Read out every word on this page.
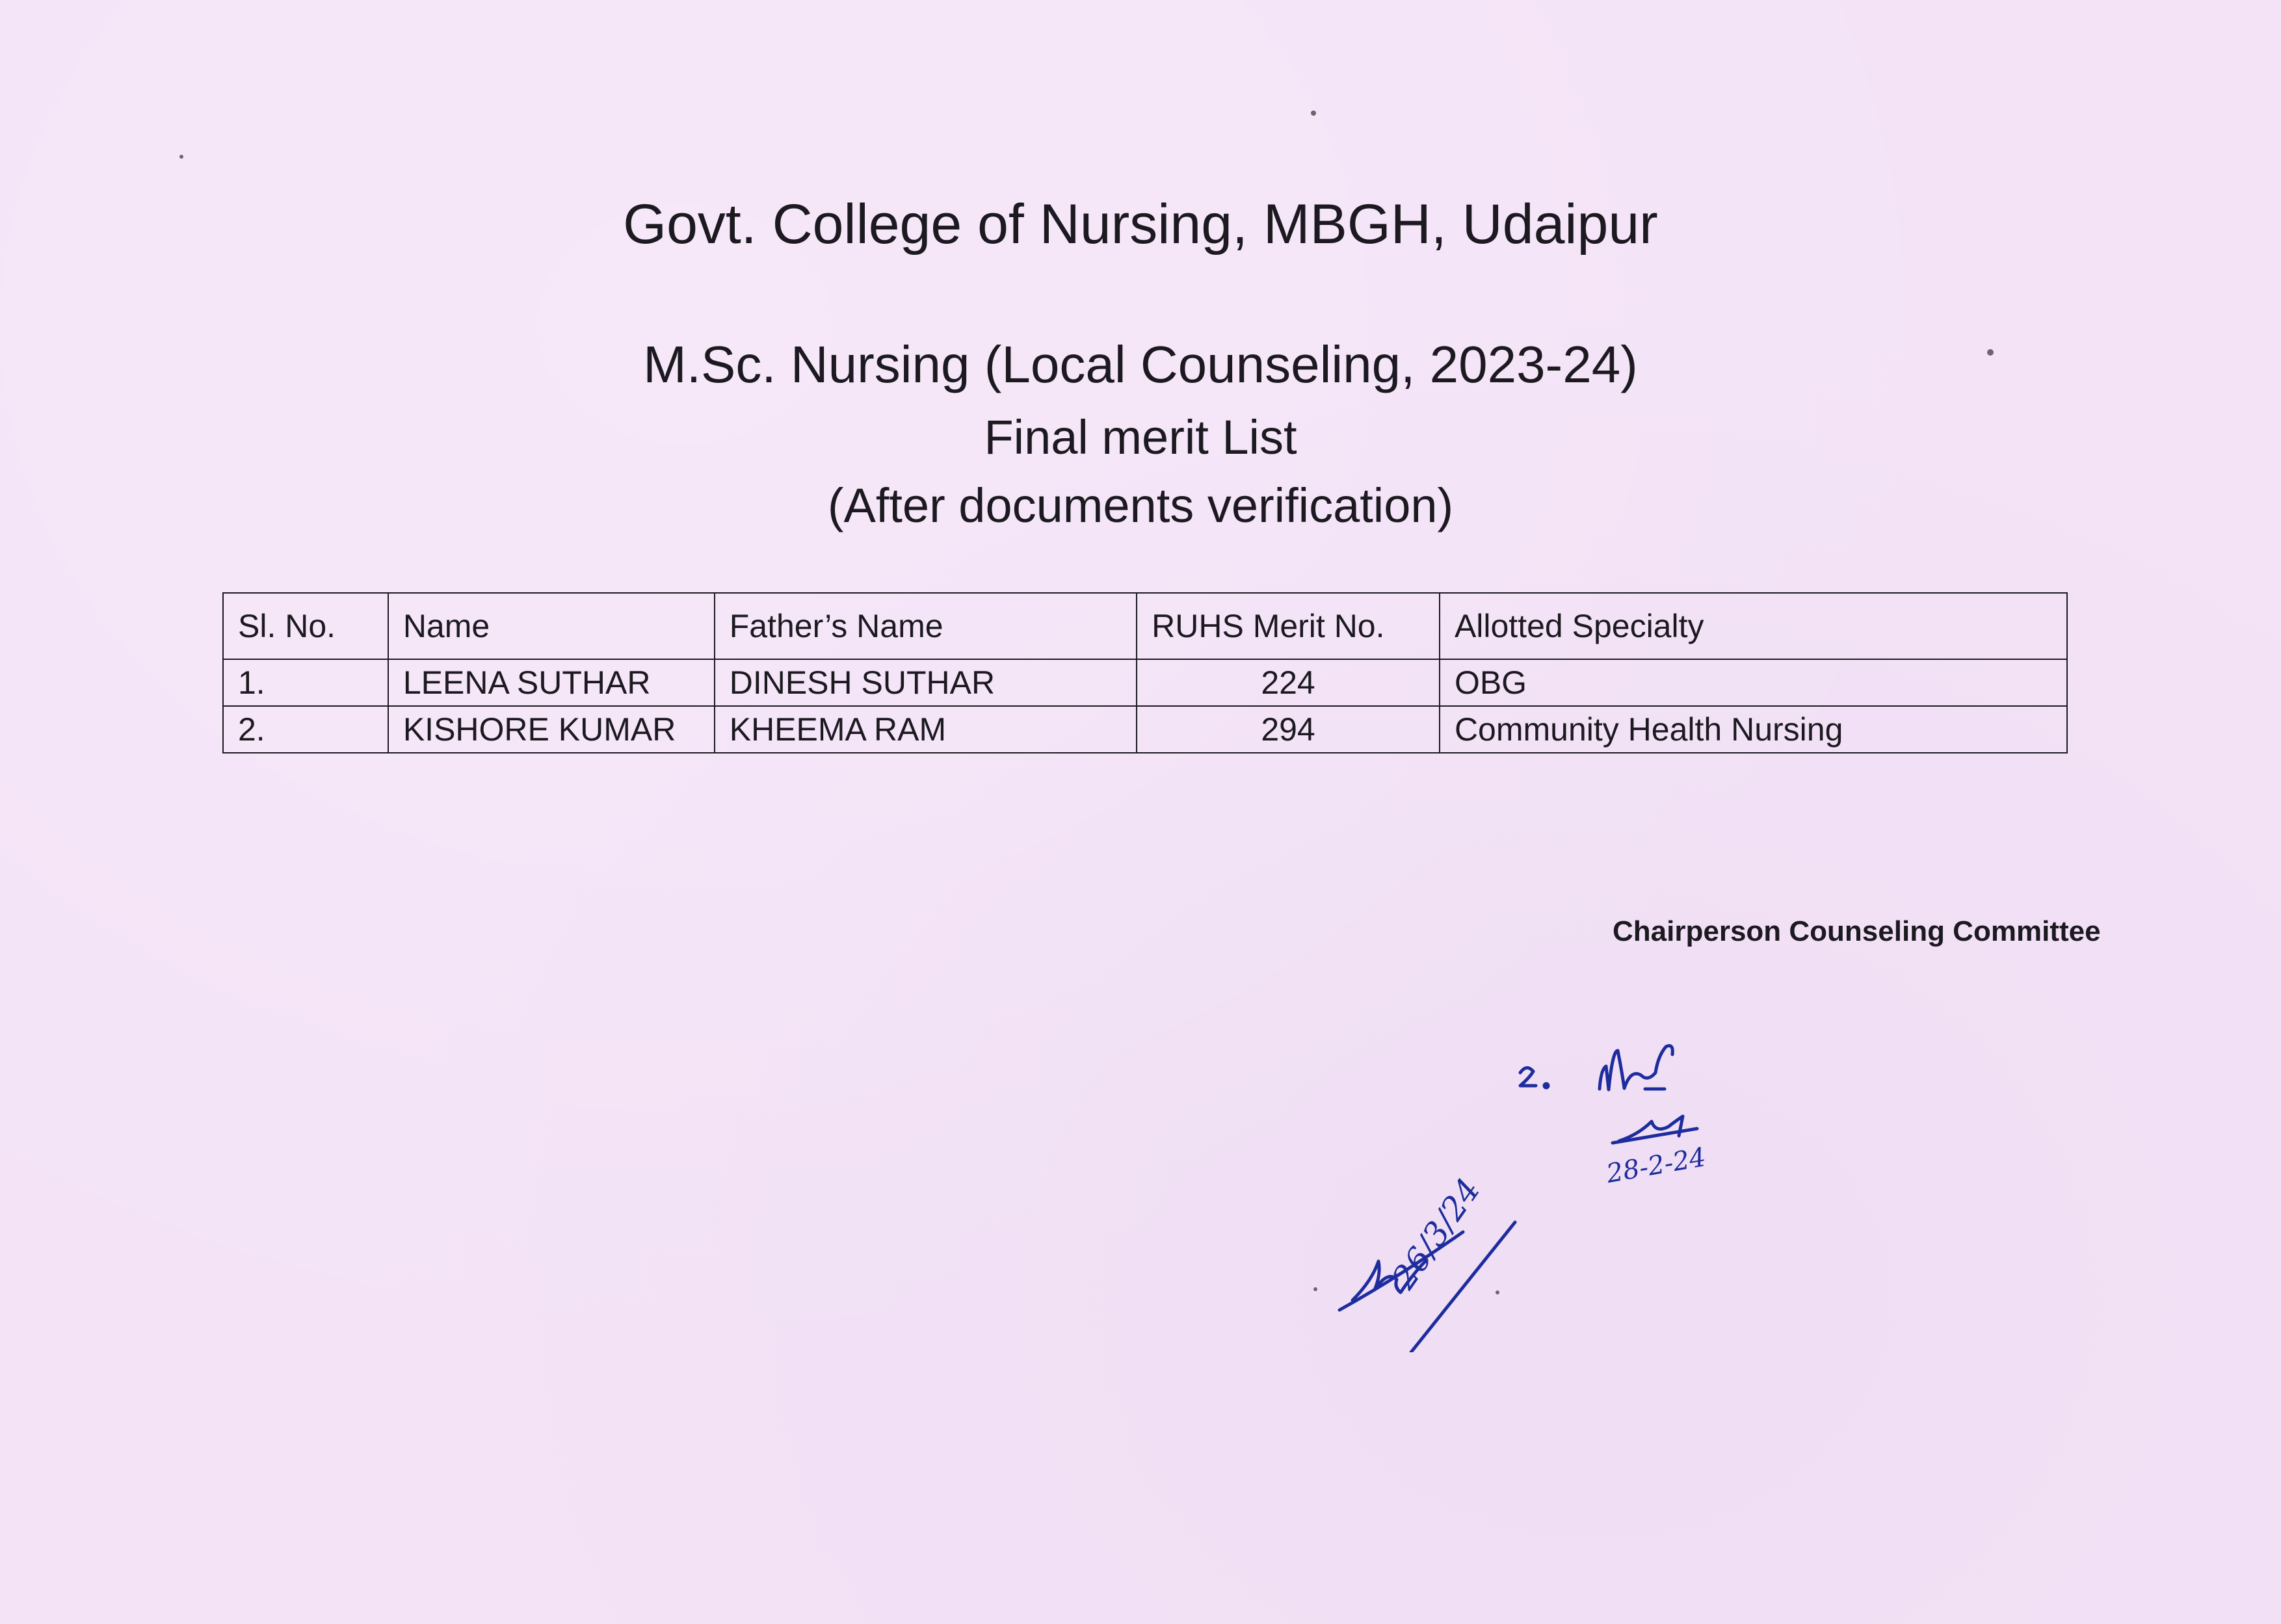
Govt. College of Nursing, MBGH, Udaipur
M.Sc. Nursing (Local Counseling, 2023-24)
Final merit List
(After documents verification)
Sl. No.	Name	Father’s Name	RUHS Merit No.	Allotted Specialty
1.	LEENA SUTHAR	DINESH SUTHAR	224	OBG
2.	KISHORE KUMAR	KHEEMA RAM	294	Community Health Nursing
Chairperson Counseling Committee
28-2-24
26/3/24
